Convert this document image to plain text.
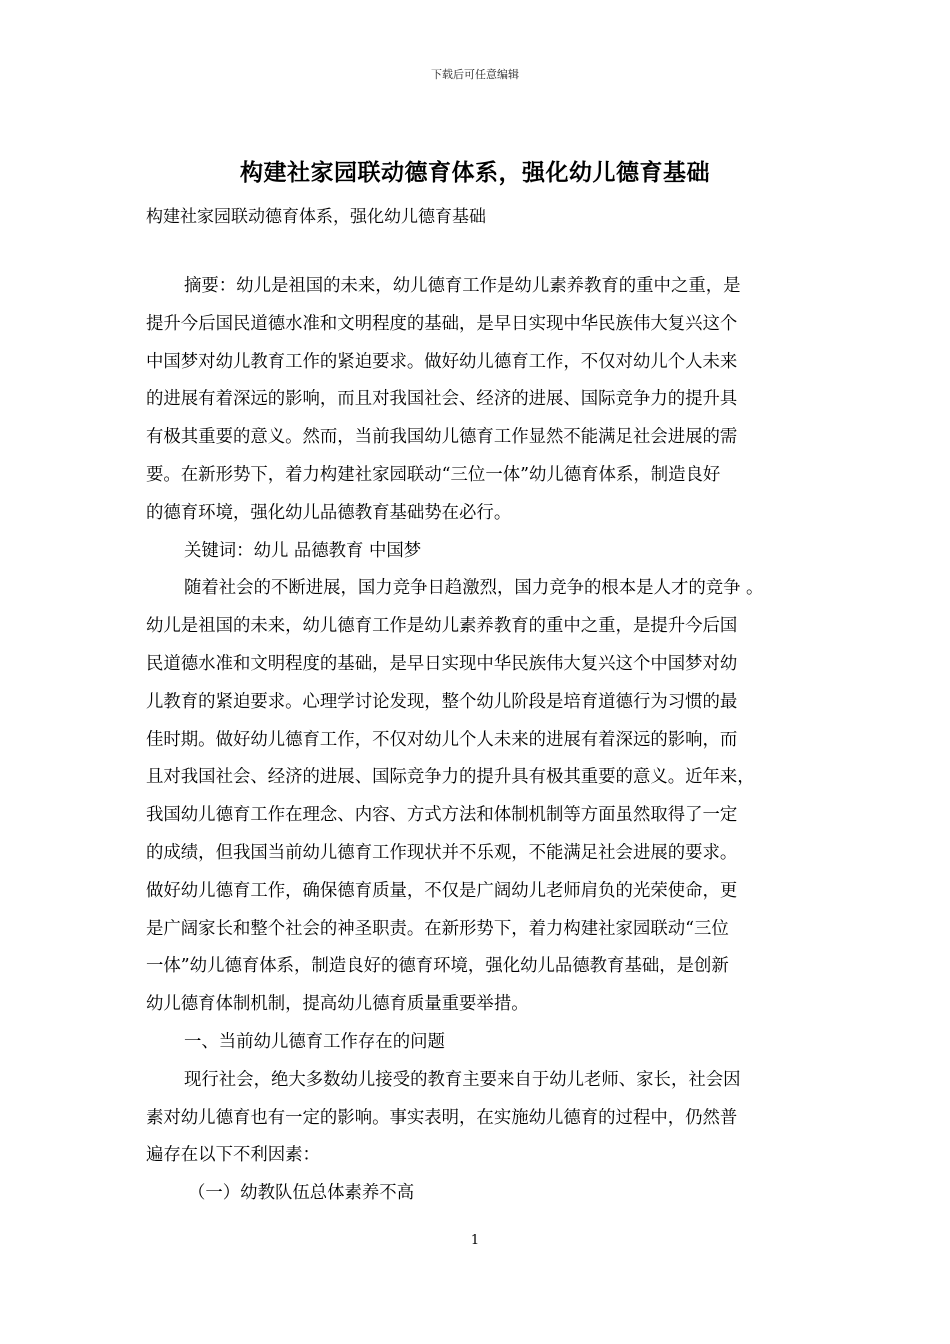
下载后可任意编辑
构建社家园联动德育体系，强化幼儿德育基础
构建社家园联动德育体系，强化幼儿德育基础
摘要：幼儿是祖国的未来，幼儿德育工作是幼儿素养教育的重中之重，是
提升今后国民道德水准和文明程度的基础，是早日实现中华民族伟大复兴这个
中国梦对幼儿教育工作的紧迫要求。做好幼儿德育工作，不仅对幼儿个人未来
的进展有着深远的影响，而且对我国社会、经济的进展、国际竞争力的提升具
有极其重要的意义。然而，当前我国幼儿德育工作显然不能满足社会进展的需
要。在新形势下，着力构建社家园联动“三位一体”幼儿德育体系，制造良好
的德育环境，强化幼儿品德教育基础势在必行。
关键词：幼儿 品德教育 中国梦
随着社会的不断进展，国力竞争日趋激烈，国力竞争的根本是人才的竞争 。
幼儿是祖国的未来，幼儿德育工作是幼儿素养教育的重中之重，是提升今后国
民道德水准和文明程度的基础，是早日实现中华民族伟大复兴这个中国梦对幼
儿教育的紧迫要求。心理学讨论发现，整个幼儿阶段是培育道德行为习惯的最
佳时期。做好幼儿德育工作，不仅对幼儿个人未来的进展有着深远的影响，而
且对我国社会、经济的进展、国际竞争力的提升具有极其重要的意义。近年来，
我国幼儿德育工作在理念、内容、方式方法和体制机制等方面虽然取得了一定
的成绩，但我国当前幼儿德育工作现状并不乐观，不能满足社会进展的要求。
做好幼儿德育工作，确保德育质量，不仅是广阔幼儿老师肩负的光荣使命，更
是广阔家长和整个社会的神圣职责。在新形势下，着力构建社家园联动“三位
一体”幼儿德育体系，制造良好的德育环境，强化幼儿品德教育基础，是创新
幼儿德育体制机制，提高幼儿德育质量重要举措。
一、当前幼儿德育工作存在的问题
现行社会，绝大多数幼儿接受的教育主要来自于幼儿老师、家长，社会因
素对幼儿德育也有一定的影响。事实表明，在实施幼儿德育的过程中，仍然普
遍存在以下不利因素：
（一）幼教队伍总体素养不高
1
